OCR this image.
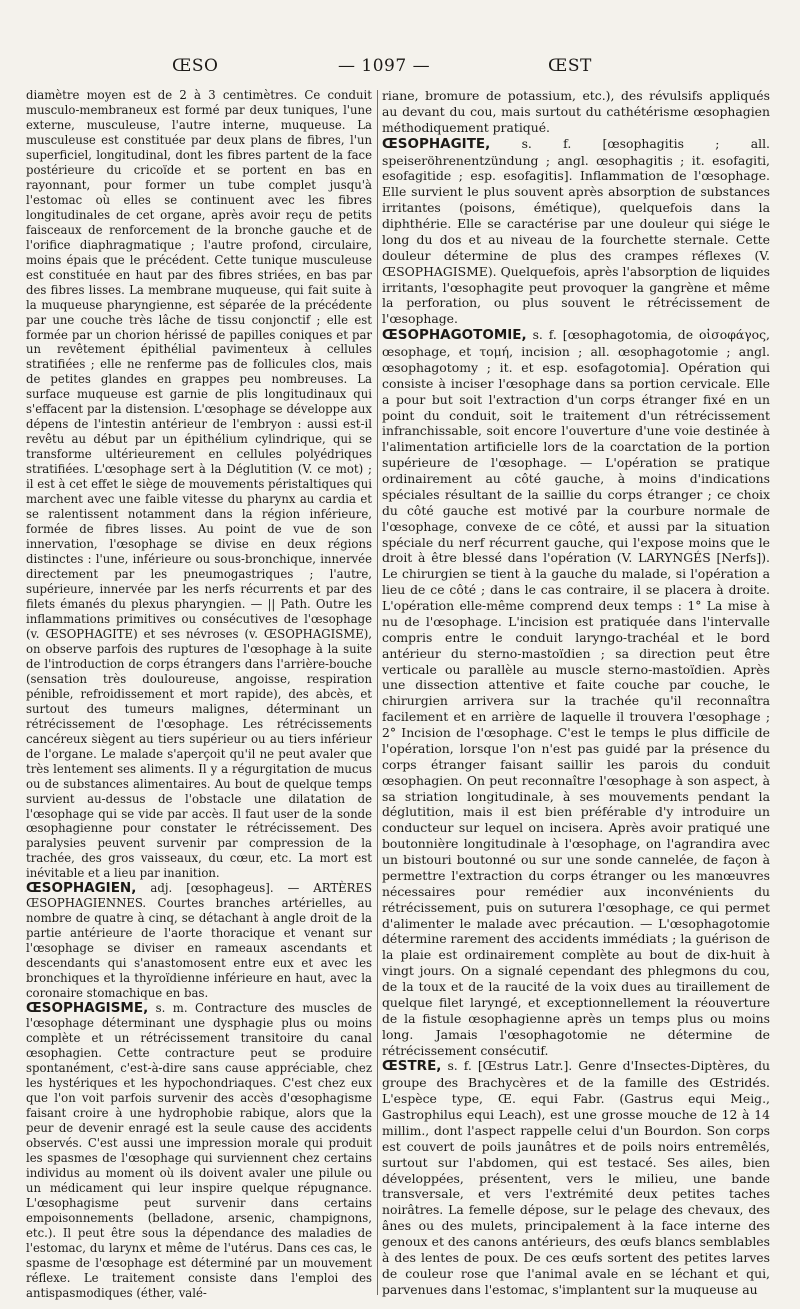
ŒSO	— 1097 —	ŒST

diamètre moyen est de 2 à 3 centimètres. Ce conduit musculo-membraneux est formé par deux tuniques, l'une externe, musculeuse, l'autre interne, muqueuse. La musculeuse est constituée par deux plans de fibres, l'un superficiel, longitudinal, dont les fibres partent de la face postérieure du cricoïde et se portent en bas en rayonnant, pour former un tube complet jusqu'à l'estomac où elles se continuent avec les fibres longitudinales de cet organe, après avoir reçu de petits faisceaux de renforcement de la bronche gauche et de l'orifice diaphragmatique ; l'autre profond, circulaire, moins épais que le précédent. Cette tunique musculeuse est constituée en haut par des fibres striées, en bas par des fibres lisses. La membrane muqueuse, qui fait suite à la muqueuse pharyngienne, est séparée de la précédente par une couche très lâche de tissu conjonctif ; elle est formée par un chorion hérissé de papilles coniques et par un revêtement épithélial pavimenteux à cellules stratifiées ; elle ne renferme pas de follicules clos, mais de petites glandes en grappes peu nombreuses. La surface muqueuse est garnie de plis longitudinaux qui s'effacent par la distension. L'œsophage se développe aux dépens de l'intestin antérieur de l'embryon : aussi est-il revêtu au début par un épithélium cylindrique, qui se transforme ultérieurement en cellules polyédriques stratifiées. L'œsophage sert à la Déglutition (V. ce mot) ; il est à cet effet le siège de mouvements péristaltiques qui marchent avec une faible vitesse du pharynx au cardia et se ralentissent notamment dans la région inférieure, formée de fibres lisses. Au point de vue de son innervation, l'œsophage se divise en deux régions distinctes : l'une, inférieure ou sous-bronchique, innervée directement par les pneumogastriques ; l'autre, supérieure, innervée par les nerfs récurrents et par des filets émanés du plexus pharyngien. — || Path. Outre les inflammations primitives ou consécutives de l'œsophage (v. ŒSOPHAGITE) et ses névroses (v. ŒSOPHAGISME), on observe parfois des ruptures de l'œsophage à la suite de l'introduction de corps étrangers dans l'arrière-bouche (sensation très douloureuse, angoisse, respiration pénible, refroidissement et mort rapide), des abcès, et surtout des tumeurs malignes, déterminant un rétrécissement de l'œsophage. Les rétrécissements cancéreux siègent au tiers supérieur ou au tiers inférieur de l'organe. Le malade s'aperçoit qu'il ne peut avaler que très lentement ses aliments. Il y a régurgitation de mucus ou de substances alimentaires. Au bout de quelque temps survient au-dessus de l'obstacle une dilatation de l'œsophage qui se vide par accès. Il faut user de la sonde œsophagienne pour constater le rétrécissement. Des paralysies peuvent survenir par compression de la trachée, des gros vaisseaux, du cœur, etc. La mort est inévitable et a lieu par inanition.

ŒSOPHAGIEN, adj. [œsophageus]. — ARTÈRES ŒSOPHAGIENNES. Courtes branches artérielles, au nombre de quatre à cinq, se détachant à angle droit de la partie antérieure de l'aorte thoracique et venant sur l'œsophage se diviser en rameaux ascendants et descendants qui s'anastomosent entre eux et avec les bronchiques et la thyroïdienne inférieure en haut, avec la coronaire stomachique en bas.

ŒSOPHAGISME, s. m. Contracture des muscles de l'œsophage déterminant une dysphagie plus ou moins complète et un rétrécissement transitoire du canal œsophagien. Cette contracture peut se produire spontanément, c'est-à-dire sans cause appréciable, chez les hystériques et les hypochondriaques. C'est chez eux que l'on voit parfois survenir des accès d'œsophagisme faisant croire à une hydrophobie rabique, alors que la peur de devenir enragé est la seule cause des accidents observés. C'est aussi une impression morale qui produit les spasmes de l'œsophage qui surviennent chez certains individus au moment où ils doivent avaler une pilule ou un médicament qui leur inspire quelque répugnance. L'œsophagisme peut survenir dans certains empoisonnements (belladone, arsenic, champignons, etc.). Il peut être sous la dépendance des maladies de l'estomac, du larynx et même de l'utérus. Dans ces cas, le spasme de l'œsophage est déterminé par un mouvement réflexe. Le traitement consiste dans l'emploi des antispasmodiques (éther, valé-

riane, bromure de potassium, etc.), des révulsifs appliqués au devant du cou, mais surtout du cathétérisme œsophagien méthodiquement pratiqué.

ŒSOPHAGITE, s. f. [œsophagitis ; all. speiseröhrenentzündung ; angl. œsophagitis ; it. esofagiti, esofagitide ; esp. esofagitis]. Inflammation de l'œsophage. Elle survient le plus souvent après absorption de substances irritantes (poisons, émétique), quelquefois dans la diphthérie. Elle se caractérise par une douleur qui siége le long du dos et au niveau de la fourchette sternale. Cette douleur détermine de plus des crampes réflexes (V. ŒSOPHAGISME). Quelquefois, après l'absorption de liquides irritants, l'œsophagite peut provoquer la gangrène et même la perforation, ou plus souvent le rétrécissement de l'œsophage.

ŒSOPHAGOTOMIE, s. f. [œsophagotomia, de οἰσοφάγος, œsophage, et τομή, incision ; all. œsophagotomie ; angl. œsophagotomy ; it. et esp. esofagotomia]. Opération qui consiste à inciser l'œsophage dans sa portion cervicale. Elle a pour but soit l'extraction d'un corps étranger fixé en un point du conduit, soit le traitement d'un rétrécissement infranchissable, soit encore l'ouverture d'une voie destinée à l'alimentation artificielle lors de la coarctation de la portion supérieure de l'œsophage. — L'opération se pratique ordinairement au côté gauche, à moins d'indications spéciales résultant de la saillie du corps étranger ; ce choix du côté gauche est motivé par la courbure normale de l'œsophage, convexe de ce côté, et aussi par la situation spéciale du nerf récurrent gauche, qui l'expose moins que le droit à être blessé dans l'opération (V. LARYNGÉS [Nerfs]). Le chirurgien se tient à la gauche du malade, si l'opération a lieu de ce côté ; dans le cas contraire, il se placera à droite. L'opération elle-même comprend deux temps : 1° La mise à nu de l'œsophage. L'incision est pratiquée dans l'intervalle compris entre le conduit laryngo-trachéal et le bord antérieur du sterno-mastoïdien ; sa direction peut être verticale ou parallèle au muscle sterno-mastoïdien. Après une dissection attentive et faite couche par couche, le chirurgien arrivera sur la trachée qu'il reconnaîtra facilement et en arrière de laquelle il trouvera l'œsophage ; 2° Incision de l'œsophage. C'est le temps le plus difficile de l'opération, lorsque l'on n'est pas guidé par la présence du corps étranger faisant saillir les parois du conduit œsophagien. On peut reconnaître l'œsophage à son aspect, à sa striation longitudinale, à ses mouvements pendant la déglutition, mais il est bien préférable d'y introduire un conducteur sur lequel on incisera. Après avoir pratiqué une boutonnière longitudinale à l'œsophage, on l'agrandira avec un bistouri boutonné ou sur une sonde cannelée, de façon à permettre l'extraction du corps étranger ou les manœuvres nécessaires pour remédier aux inconvénients du rétrécissement, puis on suturera l'œsophage, ce qui permet d'alimenter le malade avec précaution. — L'œsophagotomie détermine rarement des accidents immédiats ; la guérison de la plaie est ordinairement complète au bout de dix-huit à vingt jours. On a signalé cependant des phlegmons du cou, de la toux et de la raucité de la voix dues au tiraillement de quelque filet laryngé, et exceptionnellement la réouverture de la fistule œsophagienne après un temps plus ou moins long. Jamais l'œsophagotomie ne détermine de rétrécissement consécutif.

ŒSTRE, s. f. [Œstrus Latr.]. Genre d'Insectes-Diptères, du groupe des Brachycères et de la famille des Œstridés. L'espèce type, Œ. equi Fabr. (Gastrus equi Meig., Gastrophilus equi Leach), est une grosse mouche de 12 à 14 millim., dont l'aspect rappelle celui d'un Bourdon. Son corps est couvert de poils jaunâtres et de poils noirs entremêlés, surtout sur l'abdomen, qui est testacé. Ses ailes, bien développées, présentent, vers le milieu, une bande transversale, et vers l'extrémité deux petites taches noirâtres. La femelle dépose, sur le pelage des chevaux, des ânes ou des mulets, principalement à la face interne des genoux et des canons antérieurs, des œufs blancs semblables à des lentes de poux. De ces œufs sortent des petites larves de couleur rose que l'animal avale en se léchant et qui, parvenues dans l'estomac, s'implantent sur la muqueuse au
